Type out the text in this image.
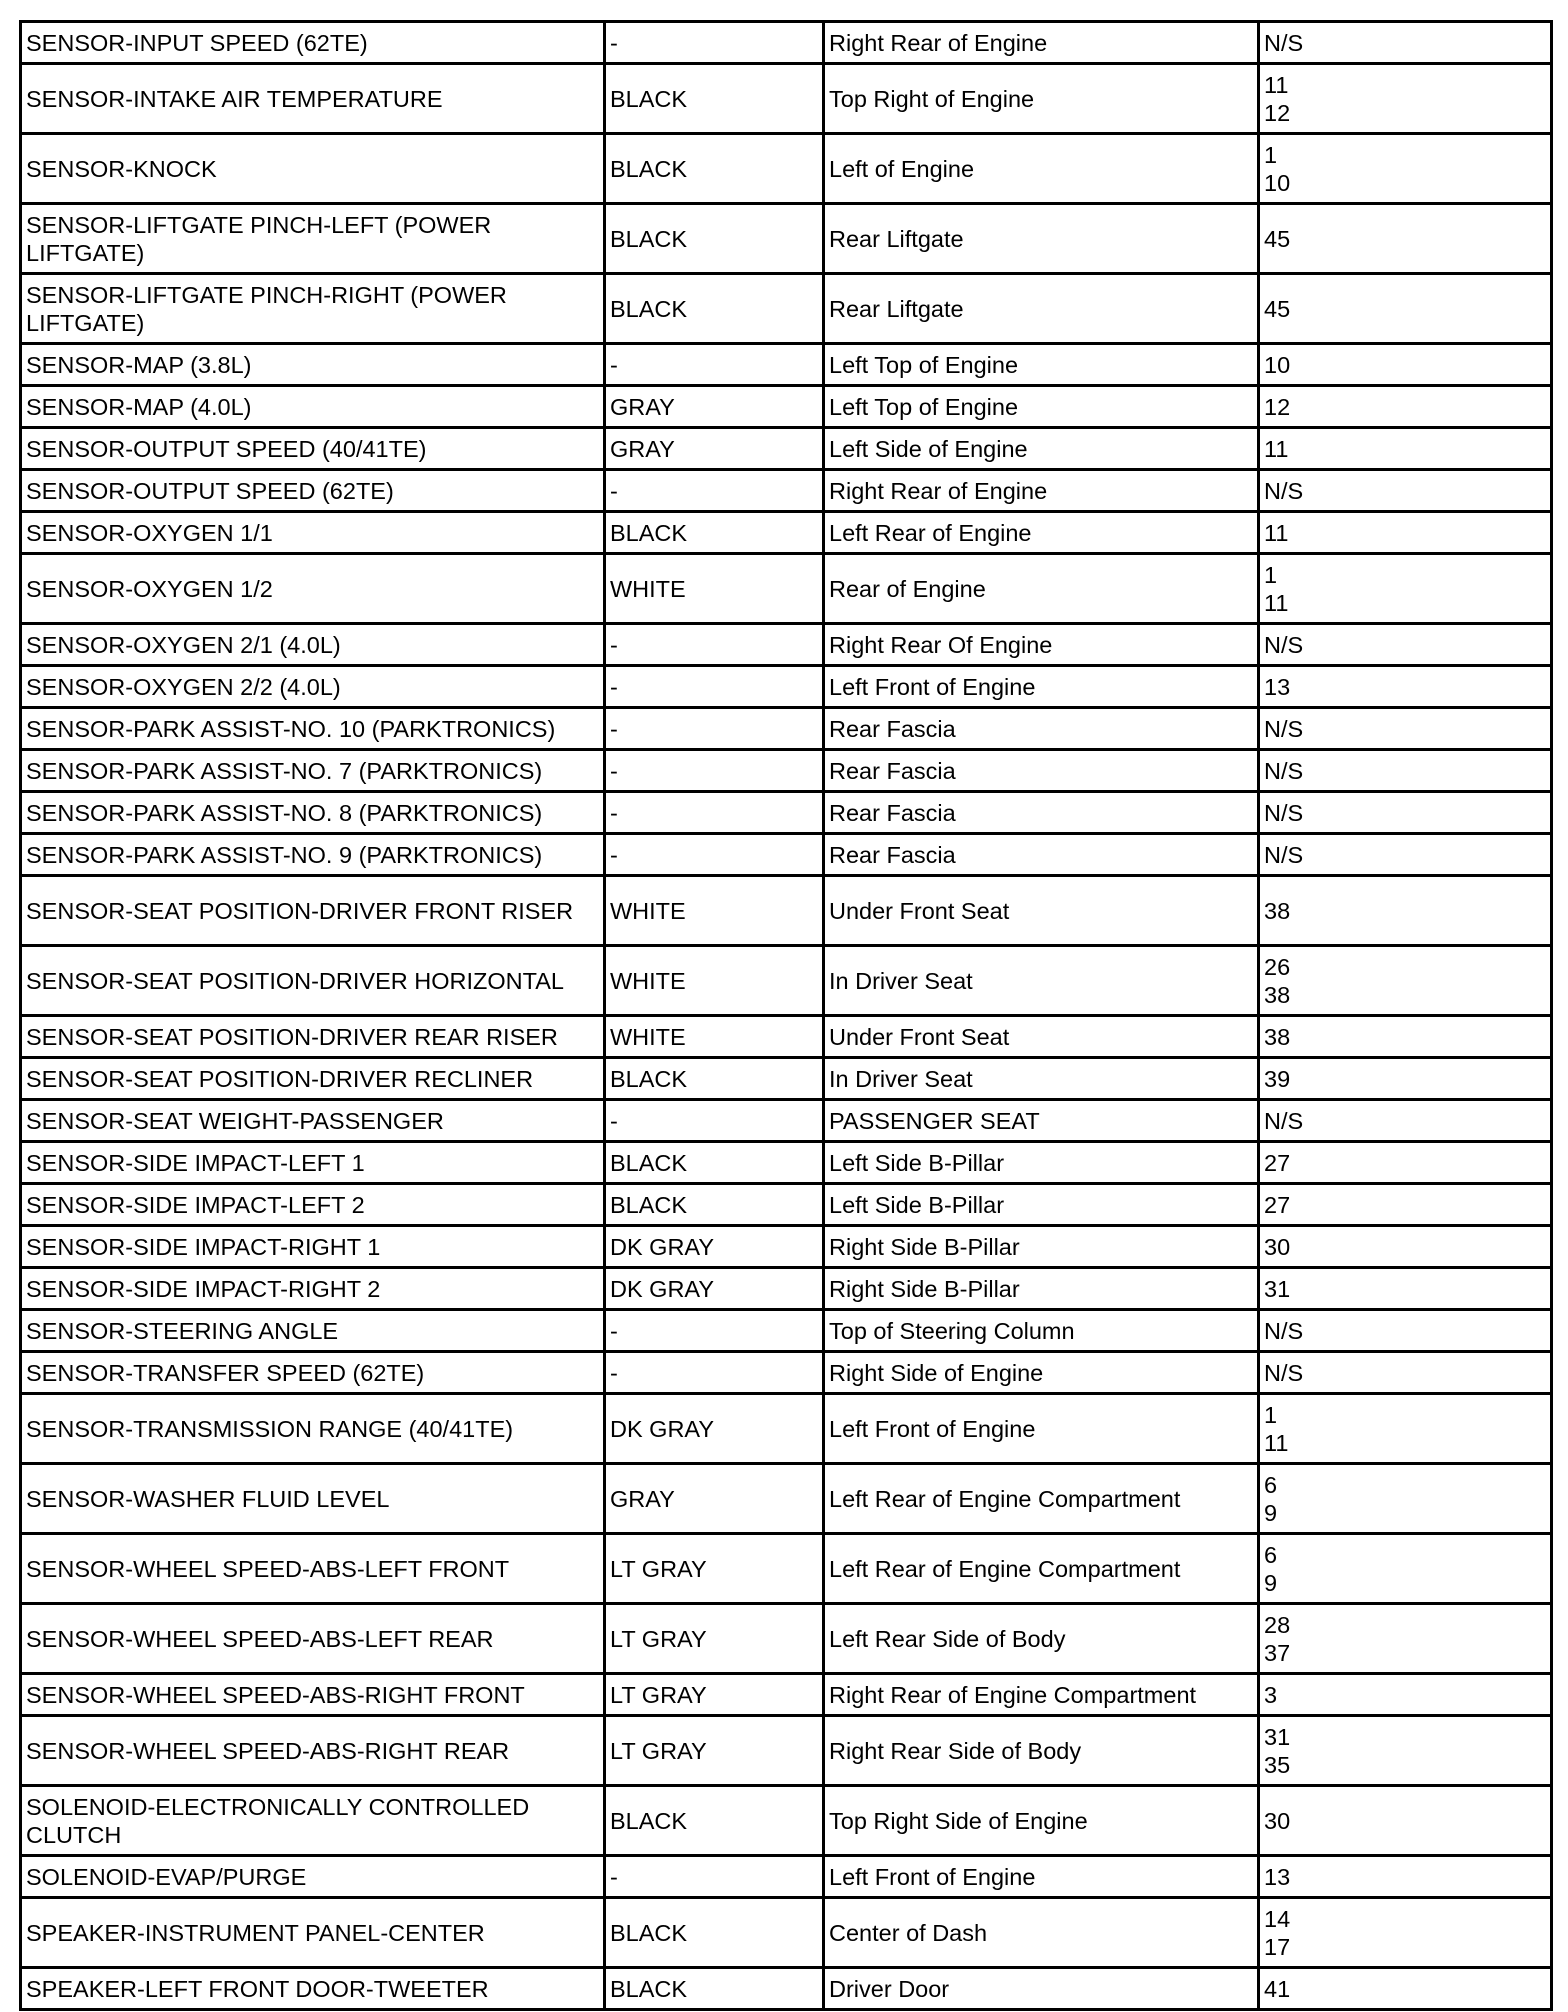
SENSOR-INPUT SPEED (62TE)	-	Right Rear of Engine	N/S

SENSOR-INTAKE AIR TEMPERATURE	BLACK	Top Right of Engine	11
12

SENSOR-KNOCK	BLACK	Left of Engine	1
10

SENSOR-LIFTGATE PINCH-LEFT (POWER LIFTGATE)	BLACK	Rear Liftgate	45

SENSOR-LIFTGATE PINCH-RIGHT (POWER LIFTGATE)	BLACK	Rear Liftgate	45

SENSOR-MAP (3.8L)	-	Left Top of Engine	10

SENSOR-MAP (4.0L)	GRAY	Left Top of Engine	12

SENSOR-OUTPUT SPEED (40/41TE)	GRAY	Left Side of Engine	11

SENSOR-OUTPUT SPEED (62TE)	-	Right Rear of Engine	N/S

SENSOR-OXYGEN 1/1	BLACK	Left Rear of Engine	11

SENSOR-OXYGEN 1/2	WHITE	Rear of Engine	1
11

SENSOR-OXYGEN 2/1 (4.0L)	-	Right Rear Of Engine	N/S

SENSOR-OXYGEN 2/2 (4.0L)	-	Left Front of Engine	13

SENSOR-PARK ASSIST-NO. 10 (PARKTRONICS)	-	Rear Fascia	N/S

SENSOR-PARK ASSIST-NO. 7 (PARKTRONICS)	-	Rear Fascia	N/S

SENSOR-PARK ASSIST-NO. 8 (PARKTRONICS)	-	Rear Fascia	N/S

SENSOR-PARK ASSIST-NO. 9 (PARKTRONICS)	-	Rear Fascia	N/S

SENSOR-SEAT POSITION-DRIVER FRONT RISER	WHITE	Under Front Seat	38

SENSOR-SEAT POSITION-DRIVER HORIZONTAL	WHITE	In Driver Seat	26
38

SENSOR-SEAT POSITION-DRIVER REAR RISER	WHITE	Under Front Seat	38

SENSOR-SEAT POSITION-DRIVER RECLINER	BLACK	In Driver Seat	39

SENSOR-SEAT WEIGHT-PASSENGER	-	PASSENGER SEAT	N/S

SENSOR-SIDE IMPACT-LEFT 1	BLACK	Left Side B-Pillar	27

SENSOR-SIDE IMPACT-LEFT 2	BLACK	Left Side B-Pillar	27

SENSOR-SIDE IMPACT-RIGHT 1	DK GRAY	Right Side B-Pillar	30

SENSOR-SIDE IMPACT-RIGHT 2	DK GRAY	Right Side B-Pillar	31

SENSOR-STEERING ANGLE	-	Top of Steering Column	N/S

SENSOR-TRANSFER SPEED (62TE)	-	Right Side of Engine	N/S

SENSOR-TRANSMISSION RANGE (40/41TE)	DK GRAY	Left Front of Engine	1
11

SENSOR-WASHER FLUID LEVEL	GRAY	Left Rear of Engine Compartment	6
9

SENSOR-WHEEL SPEED-ABS-LEFT FRONT	LT GRAY	Left Rear of Engine Compartment	6
9

SENSOR-WHEEL SPEED-ABS-LEFT REAR	LT GRAY	Left Rear Side of Body	28
37

SENSOR-WHEEL SPEED-ABS-RIGHT FRONT	LT GRAY	Right Rear of Engine Compartment	3

SENSOR-WHEEL SPEED-ABS-RIGHT REAR	LT GRAY	Right Rear Side of Body	31
35

SOLENOID-ELECTRONICALLY CONTROLLED CLUTCH	BLACK	Top Right Side of Engine	30

SOLENOID-EVAP/PURGE	-	Left Front of Engine	13

SPEAKER-INSTRUMENT PANEL-CENTER	BLACK	Center of Dash	14
17

SPEAKER-LEFT FRONT DOOR-TWEETER	BLACK	Driver Door	41
